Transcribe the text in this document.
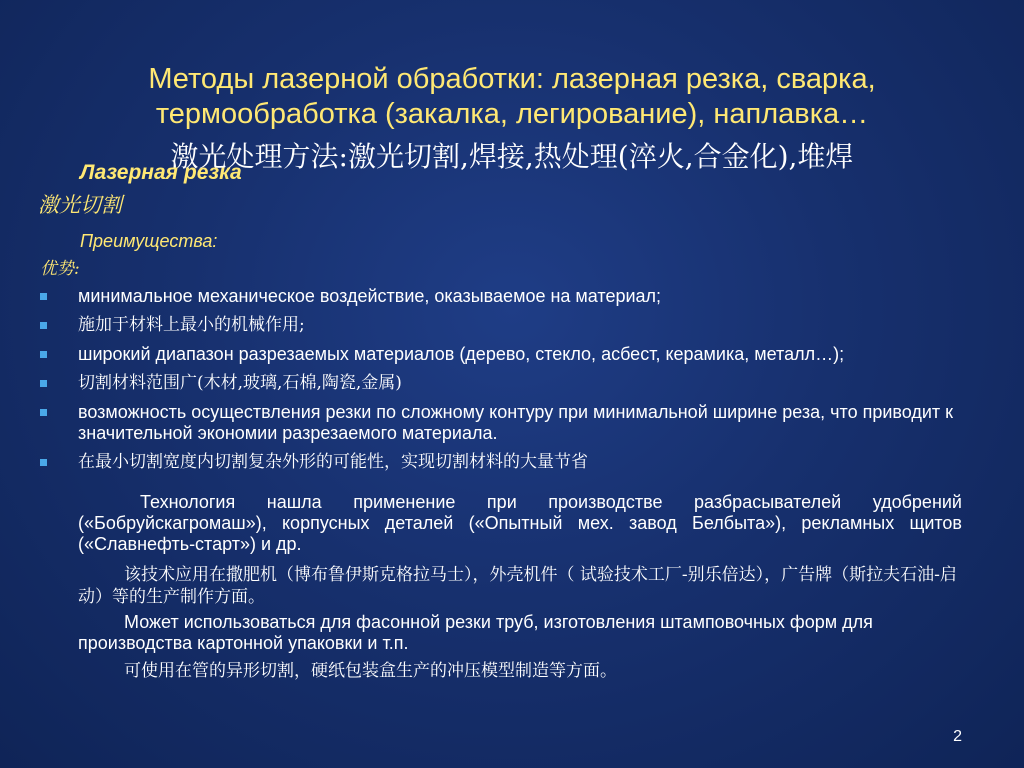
Методы лазерной обработки: лазерная резка, сварка, термообработка (закалка, легирование), наплавка…
激光处理方法:激光切割,焊接,热处理(淬火,合金化),堆焊
Лазерная резка
激光切割
Преимущества:
优势:
минимальное механическое воздействие, оказываемое на материал;
施加于材料上最小的机械作用;
широкий диапазон разрезаемых материалов (дерево, стекло, асбест, керамика, металл…);
切割材料范围广(木材,玻璃,石棉,陶瓷,金属)
возможность осуществления резки по сложному контуру при минимальной ширине реза, что приводит к значительной экономии разрезаемого материала.
在最小切割宽度内切割复杂外形的可能性，实现切割材料的大量节省
Технология нашла применение при производстве разбрасывателей удобрений («Бобруйскагромаш»), корпусных деталей («Опытный мех. завод Белбыта»), рекламных щитов («Славнефть-старт») и др.
该技术应用在撒肥机（博布鲁伊斯克格拉马士），外壳机件（ 试验技术工厂-别乐倍达），广告牌（斯拉夫石油-启动）等的生产制作方面。
Может использоваться для фасонной резки труб, изготовления штамповочных форм для производства картонной упаковки и т.п.
可使用在管的异形切割，硬纸包装盒生产的冲压模型制造等方面。
2
